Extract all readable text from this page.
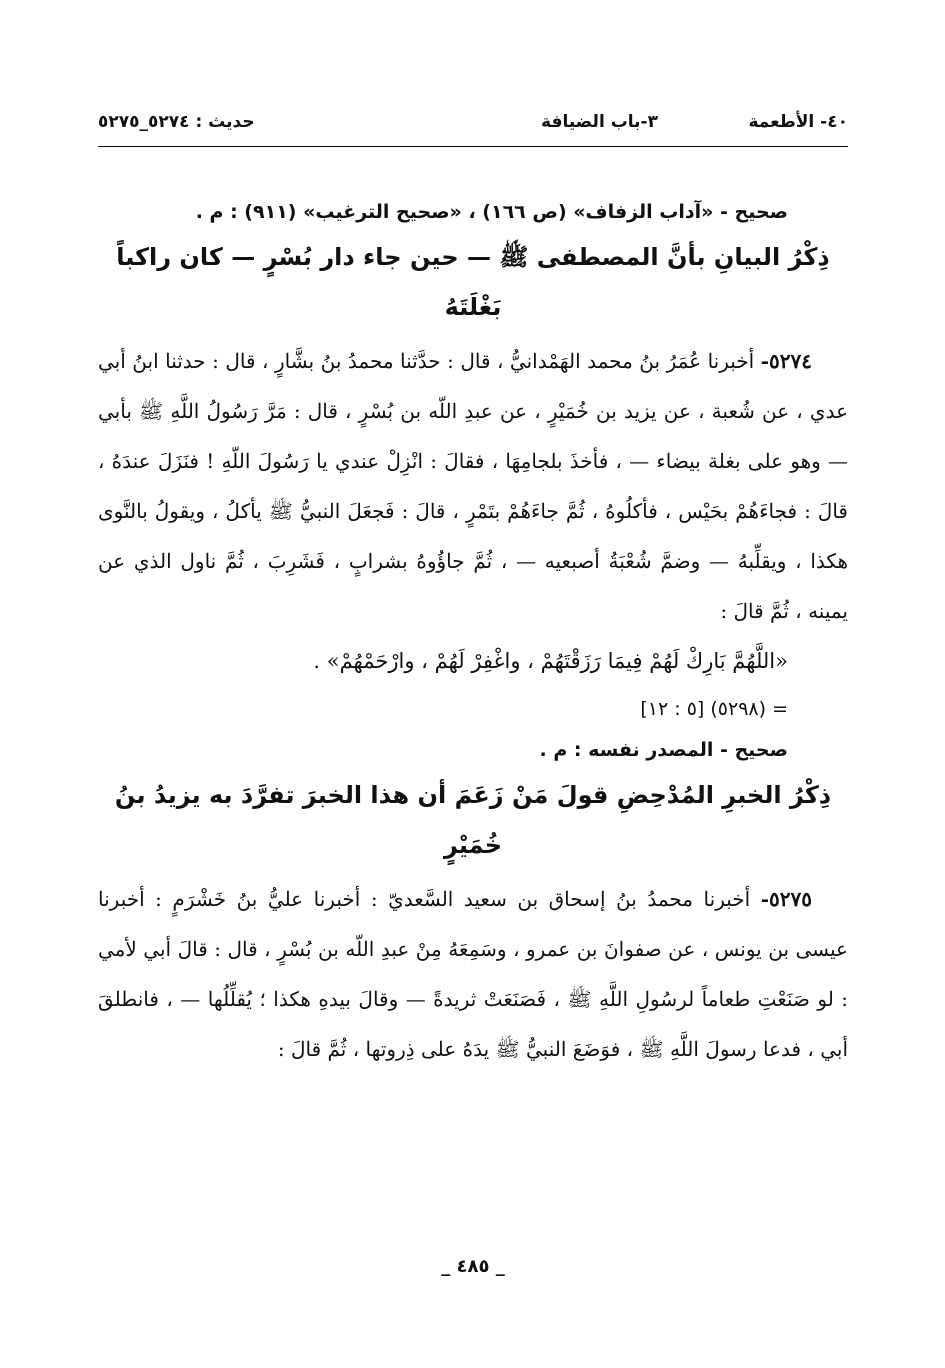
٤٠- الأطعمة
٣-باب الضيافة
حديث : ٥٢٧٤_٥٢٧٥

صحيح - «آداب الزفاف» (ص ١٦٦) ، «صحيح الترغيب» (٩١١) : م .

ذِكْرُ البيانِ بأنَّ المصطفى ﷺ — حين جاء دار بُسْرٍ — كان راكباً بَغْلَتَهُ

٥٢٧٤- أخبرنا عُمَرُ بنُ محمد الهَمْدانيُّ ، قال : حدَّثنا محمدُ بنُ بشَّارٍ ، قال : حدثنا ابنُ أبي عدي ، عن شُعبة ، عن يزيد بن خُمَيْرٍ ، عن عبدِ اللّه بن بُسْرٍ ، قال : مَرَّ رَسُولُ اللَّهِ ﷺ بأبي — وهو على بغلة بيضاء — ، فأخذَ بلجامِهَا ، فقالَ : انْزِلْ عندي يا رَسُولَ اللّهِ ! فنَزَلَ عندَهُ ، قالَ : فجاءَهُمْ بحَيْس ، فأكلُوهُ ، ثُمَّ جاءَهُمْ بتَمْرٍ ، قالَ : فَجعَلَ النبيُّ ﷺ يأكلُ ، ويقولُ بالنَّوى هكذا ، ويقلِّبهُ — وضمَّ شُعْبَةُ أصبعيه — ، ثُمَّ جاؤُوهُ بشرابٍ ، فَشَرِبَ ، ثُمَّ ناول الذي عن يمينه ، ثُمَّ قالَ :

«اللَّهُمَّ بَارِكْ لَهُمْ فِيمَا رَزَقْتَهُمْ ، واغْفِرْ لَهُمْ ، وارْحَمْهُمْ» .

= (٥٢٩٨) [٥ : ١٢]

صحيح - المصدر نفسه : م .

ذِكْرُ الخبرِ المُدْحِضِ قولَ مَنْ زَعَمَ أن هذا الخبرَ تفرَّدَ به يزيدُ بنُ خُمَيْرٍ

٥٢٧٥- أخبرنا محمدُ بنُ إسحاق بن سعيد السَّعديّ : أخبرنا عليُّ بنُ خَشْرَمٍ : أخبرنا عيسى بن يونس ، عن صفوانَ بن عمرو ، وسَمِعَهُ مِنْ عبدِ اللّه بن بُسْرٍ ، قال : قالَ أبي لأمي : لو صَنَعْتِ طعاماً لرسُولِ اللَّهِ ﷺ ، فَصَنَعَتْ ثريدةً — وقالَ بيدهِ هكذا ؛ يُقلِّلُها — ، فانطلقَ أبي ، فدعا رسولَ اللَّهِ ﷺ ، فوَضَعَ النبيُّ ﷺ يدَهُ على ذِروتها ، ثُمَّ قالَ :

_ ٤٨٥ _
